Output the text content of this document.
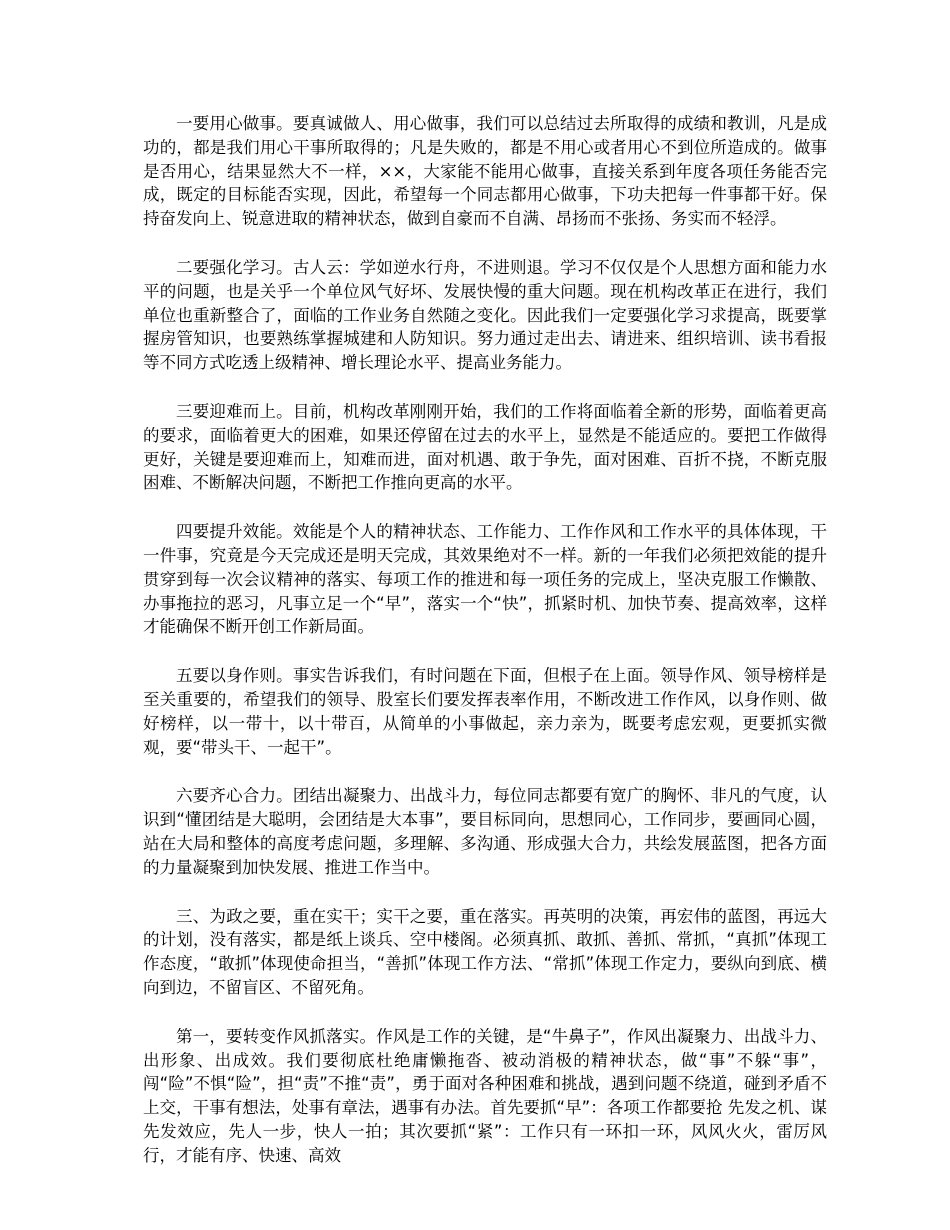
一要用心做事。要真诚做人、用心做事，我们可以总结过去所取得的成绩和教训，凡是成功的，都是我们用心干事所取得的；凡是失败的，都是不用心或者用心不到位所造成的。做事是否用心，结果显然大不一样，××，大家能不能用心做事，直接关系到年度各项任务能否完成，既定的目标能否实现，因此，希望每一个同志都用心做事，下功夫把每一件事都干好。保持奋发向上、锐意进取的精神状态，做到自豪而不自满、昂扬而不张扬、务实而不轻浮。

二要强化学习。古人云：学如逆水行舟，不进则退。学习不仅仅是个人思想方面和能力水平的问题，也是关乎一个单位风气好坏、发展快慢的重大问题。现在机构改革正在进行，我们单位也重新整合了，面临的工作业务自然随之变化。因此我们一定要强化学习求提高，既要掌握房管知识，也要熟练掌握城建和人防知识。努力通过走出去、请进来、组织培训、读书看报等不同方式吃透上级精神、增长理论水平、提高业务能力。

三要迎难而上。目前，机构改革刚刚开始，我们的工作将面临着全新的形势，面临着更高的要求，面临着更大的困难，如果还停留在过去的水平上，显然是不能适应的。要把工作做得更好，关键是要迎难而上，知难而进，面对机遇、敢于争先，面对困难、百折不挠，不断克服困难、不断解决问题，不断把工作推向更高的水平。

四要提升效能。效能是个人的精神状态、工作能力、工作作风和工作水平的具体体现，干一件事，究竟是今天完成还是明天完成，其效果绝对不一样。新的一年我们必须把效能的提升贯穿到每一次会议精神的落实、每项工作的推进和每一项任务的完成上，坚决克服工作懒散、办事拖拉的恶习，凡事立足一个“早”，落实一个“快”，抓紧时机、加快节奏、提高效率，这样才能确保不断开创工作新局面。

五要以身作则。事实告诉我们，有时问题在下面，但根子在上面。领导作风、领导榜样是至关重要的，希望我们的领导、股室长们要发挥表率作用，不断改进工作作风，以身作则、做好榜样，以一带十，以十带百，从简单的小事做起，亲力亲为，既要考虑宏观，更要抓实微观，要“带头干、一起干”。

六要齐心合力。团结出凝聚力、出战斗力，每位同志都要有宽广的胸怀、非凡的气度，认识到“懂团结是大聪明，会团结是大本事”，要目标同向，思想同心，工作同步，要画同心圆，站在大局和整体的高度考虑问题，多理解、多沟通、形成强大合力，共绘发展蓝图，把各方面的力量凝聚到加快发展、推进工作当中。

三、为政之要，重在实干；实干之要，重在落实。再英明的决策，再宏伟的蓝图，再远大的计划，没有落实，都是纸上谈兵、空中楼阁。必须真抓、敢抓、善抓、常抓，“真抓”体现工作态度，“敢抓”体现使命担当，“善抓”体现工作方法、“常抓”体现工作定力，要纵向到底、横向到边，不留盲区、不留死角。

第一，要转变作风抓落实。作风是工作的关键，是“牛鼻子”，作风出凝聚力、出战斗力、出形象、出成效。我们要彻底杜绝庸懒拖沓、被动消极的精神状态，做“事”不躲“事”，闯“险”不惧“险”，担“责”不推“责”，勇于面对各种困难和挑战，遇到问题不绕道，碰到矛盾不上交，干事有想法，处事有章法，遇事有办法。首先要抓“早”：各项工作都要抢 先发之机、谋 先发效应，先人一步，快人一拍；其次要抓“紧”：工作只有一环扣一环，风风火火，雷厉风行，才能有序、快速、高效
